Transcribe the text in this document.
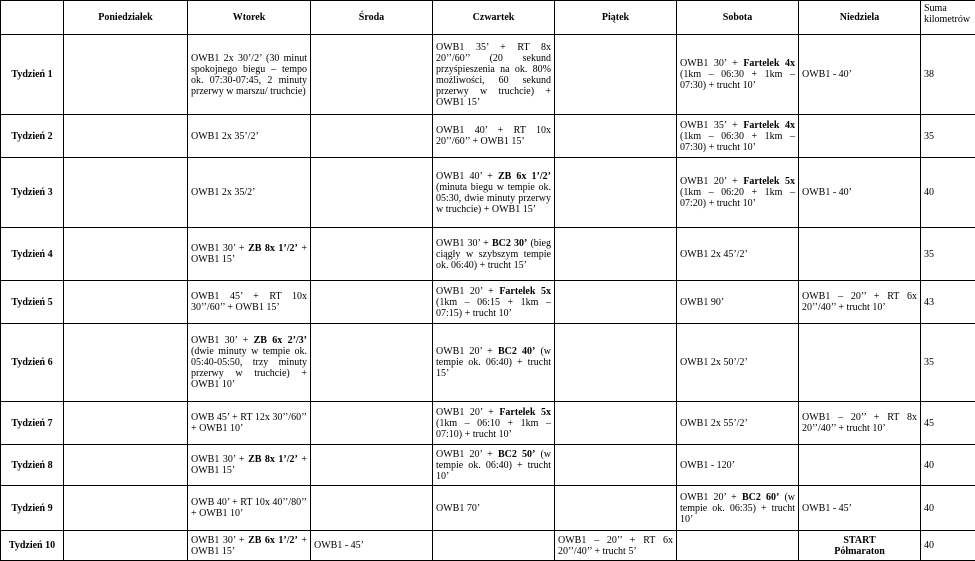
	Poniedziałek	Wtorek	Środa	Czwartek	Piątek	Sobota	Niedziela	Suma kilometrów
Tydzień 1		OWB1 2x 30’/2’ (30 minut spokojnego biegu – tempo ok. 07:30-07:45, 2 minuty przerwy w marszu/ truchcie)		OWB1 35’ + RT 8x 20’’/60’’ (20 sekund przyśpieszenia na ok. 80% możliwości, 60 sekund przerwy w truchcie) + OWB1 15’		OWB1 30’ + Fartelek 4x (1km – 06:30 + 1km – 07:30) + trucht 10’	OWB1 - 40’	38
Tydzień 2		OWB1 2x 35’/2’		OWB1 40’ + RT 10x 20’’/60’’ + OWB1 15’		OWB1 35’ + Fartelek 4x (1km – 06:30 + 1km – 07:30) + trucht 10’		35
Tydzień 3		OWB1 2x 35/2’		OWB1 40’ + ZB 6x 1’/2’ (minuta biegu w tempie ok. 05:30, dwie minuty przerwy w truchcie) + OWB1 15’		OWB1 20’ + Fartelek 5x (1km – 06:20 + 1km – 07:20) + trucht 10’	OWB1 - 40’	40
Tydzień 4		OWB1 30’ + ZB 8x 1’/2’ + OWB1 15’		OWB1 30’ + BC2 30’ (bieg ciągły w szybszym tempie ok. 06:40) + trucht 15’		OWB1 2x 45’/2’		35
Tydzień 5		OWB1 45’ + RT 10x 30’’/60’’ + OWB1 15’		OWB1 20’ + Fartelek 5x (1km – 06:15 + 1km – 07:15) + trucht 10’		OWB1 90’	OWB1 – 20’’ + RT 6x 20’’/40’’ + trucht 10’	43
Tydzień 6		OWB1 30’ + ZB 6x 2’/3’ (dwie minuty w tempie ok. 05:40-05:50, trzy minuty przerwy w truchcie) + OWB1 10’		OWB1 20’ + BC2 40’ (w tempie ok. 06:40) + trucht 15’		OWB1 2x 50’/2’		35
Tydzień 7		OWB 45’ + RT 12x 30’’/60’’ + OWB1 10’		OWB1 20’ + Fartelek 5x (1km – 06:10 + 1km – 07:10) + trucht 10’		OWB1 2x 55’/2’	OWB1 – 20’’ + RT 8x 20’’/40’’ + trucht 10’	45
Tydzień 8		OWB1 30’ + ZB 8x 1’/2’ + OWB1 15’		OWB1 20’ + BC2 50’ (w tempie ok. 06:40) + trucht 10’		OWB1 - 120’		40
Tydzień 9		OWB 40’ + RT 10x 40’’/80’’ + OWB1 10’		OWB1 70’		OWB1 20’ + BC2 60’ (w tempie ok. 06:35) + trucht 10’	OWB1 - 45’	40
Tydzień 10		OWB1 30’ + ZB 6x 1’/2’ + OWB1 15’	OWB1 - 45’		OWB1 – 20’’ + RT 6x 20’’/40’’ + trucht 5’		START
Półmaraton	40
